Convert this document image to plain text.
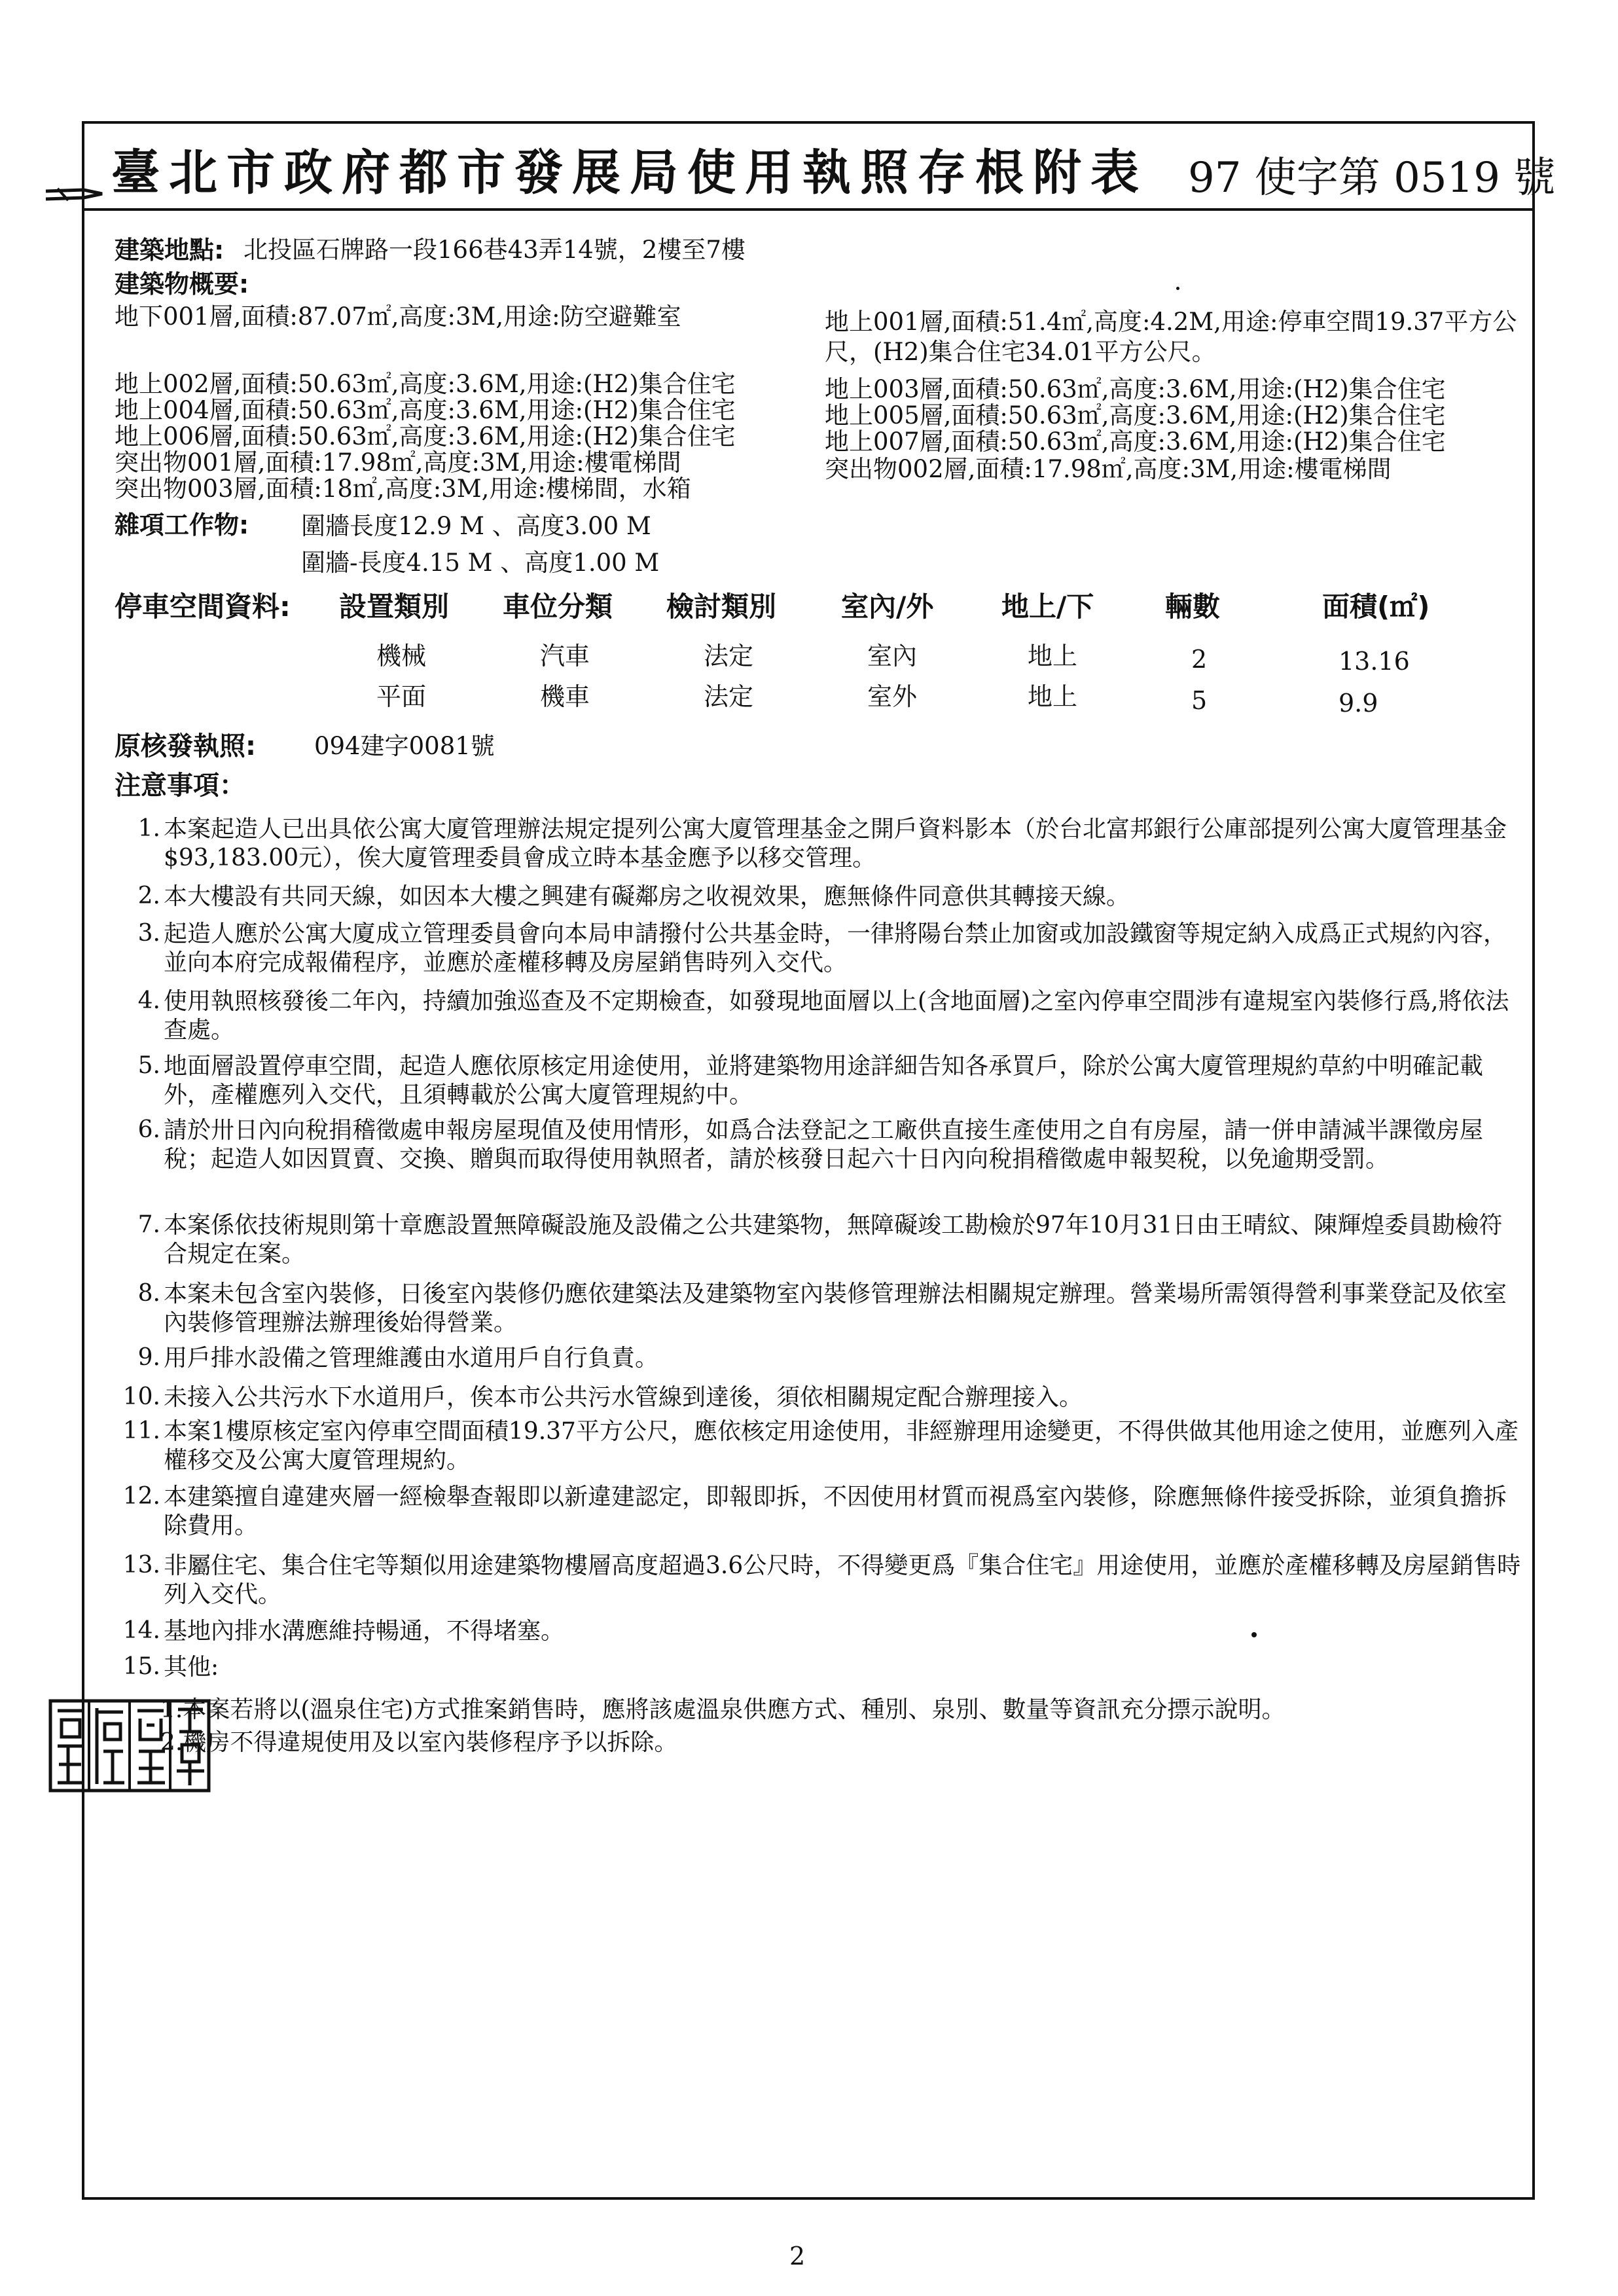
臺北市政府都市發展局使用執照存根附表 97 使字第 0519 號
建築地點: 北投區石牌路一段166巷43弄14號，2樓至7樓
建築物概要:
地下001層,面積:87.07㎡,高度:3M,用途:防空避難室	地上001層,面積:51.4㎡,高度:4.2M,用途:停車空間19.37平方公
尺，(H2)集合住宅34.01平方公尺。
地上002層,面積:50.63㎡,高度:3.6M,用途:(H2)集合住宅	地上003層,面積:50.63㎡,高度:3.6M,用途:(H2)集合住宅
地上004層,面積:50.63㎡,高度:3.6M,用途:(H2)集合住宅	地上005層,面積:50.63㎡,高度:3.6M,用途:(H2)集合住宅
地上006層,面積:50.63㎡,高度:3.6M,用途:(H2)集合住宅	地上007層,面積:50.63㎡,高度:3.6M,用途:(H2)集合住宅
突出物001層,面積:17.98㎡,高度:3M,用途:樓電梯間	突出物002層,面積:17.98㎡,高度:3M,用途:樓電梯間
突出物003層,面積:18㎡,高度:3M,用途:樓梯間，水箱
雜項工作物: 圍牆長度12.9 M 、高度3.00 M
圍牆-長度4.15 M 、高度1.00 M
停車空間資料: 設置類別 車位分類 檢討類別 室內/外 地上/下	輛數	面積(㎡)
機械	汽車	法定	室內	地上	2	13.16
平面	機車	法定	室外	地上	5	9.9
原核發執照: 094建字0081號
注意事項：
1. 本案起造人已出具依公寓大廈管理辦法規定提列公寓大廈管理基金之開戶資料影本（於台北富邦銀行公庫部提列公寓大廈管理基金$93,183.00元），俟大廈管理委員會成立時本基金應予以移交管理。
2. 本大樓設有共同天線，如因本大樓之興建有礙鄰房之收視效果，應無條件同意供其轉接天線。
3. 起造人應於公寓大廈成立管理委員會向本局申請撥付公共基金時，一律將陽台禁止加窗或加設鐵窗等規定納入成爲正式規約內容，並向本府完成報備程序，並應於產權移轉及房屋銷售時列入交代。
4. 使用執照核發後二年內，持續加強巡查及不定期檢查，如發現地面層以上(含地面層)之室內停車空間涉有違規室內裝修行爲,將依法查處。
5. 地面層設置停車空間，起造人應依原核定用途使用，並將建築物用途詳細告知各承買戶，除於公寓大廈管理規約草約中明確記載外，產權應列入交代，且須轉載於公寓大廈管理規約中。
6. 請於卅日內向稅捐稽徵處申報房屋現值及使用情形，如爲合法登記之工廠供直接生產使用之自有房屋，請一併申請減半課徵房屋稅；起造人如因買賣、交換、贈與而取得使用執照者，請於核發日起六十日內向稅捐稽徵處申報契稅，以免逾期受罰。
7. 本案係依技術規則第十章應設置無障礙設施及設備之公共建築物，無障礙竣工勘檢於97年10月31日由王晴紋、陳輝煌委員勘檢符合規定在案。
8. 本案未包含室內裝修，日後室內裝修仍應依建築法及建築物室內裝修管理辦法相關規定辦理。營業場所需領得營利事業登記及依室內裝修管理辦法辦理後始得營業。
9. 用戶排水設備之管理維護由水道用戶自行負責。
10. 未接入公共污水下水道用戶，俟本市公共污水管線到達後，須依相關規定配合辦理接入。
11. 本案1樓原核定室內停車空間面積19.37平方公尺，應依核定用途使用，非經辦理用途變更，不得供做其他用途之使用，並應列入產權移交及公寓大廈管理規約。
12. 本建築擅自違建夾層一經檢舉查報即以新違建認定，即報即拆，不因使用材質而視爲室內裝修，除應無條件接受拆除，並須負擔拆除費用。
13. 非屬住宅、集合住宅等類似用途建築物樓層高度超過3.6公尺時，不得變更爲『集合住宅』用途使用，並應於產權移轉及房屋銷售時列入交代。
14. 基地內排水溝應維持暢通，不得堵塞。
15. 其他:
1.本案若將以(溫泉住宅)方式推案銷售時，應將該處溫泉供應方式、種別、泉別、數量等資訊充分摽示說明。
2.機房不得違規使用及以室內裝修程序予以拆除。
2
